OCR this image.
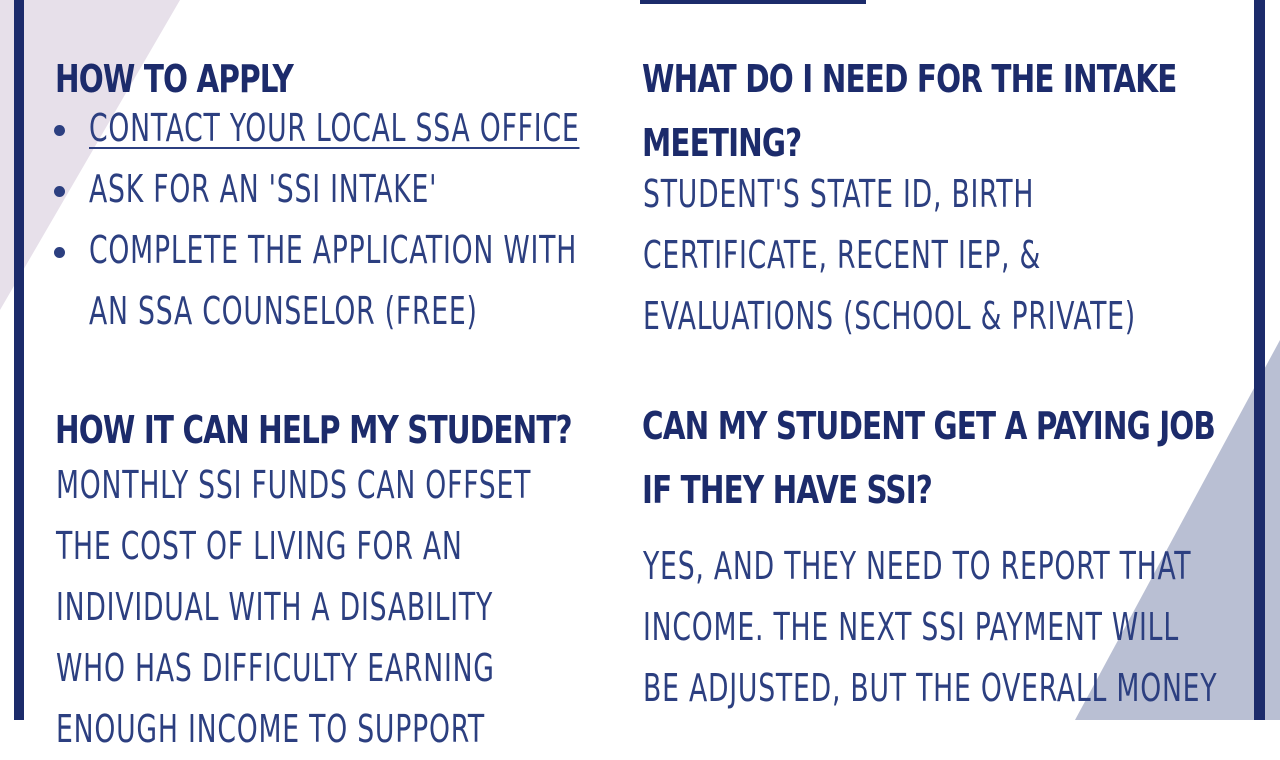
HOW TO APPLY
CONTACT YOUR LOCAL SSA OFFICE
ASK FOR AN 'SSI INTAKE'
COMPLETE THE APPLICATION WITH
AN SSA COUNSELOR (FREE)
WHAT DO I NEED FOR THE INTAKE
MEETING?

STUDENT'S STATE ID, BIRTH
CERTIFICATE, RECENT IEP, &
EVALUATIONS (SCHOOL & PRIVATE)

HOW IT CAN HELP MY STUDENT?

MONTHLY SSI FUNDS CAN OFFSET
THE COST OF LIVING FOR AN
INDIVIDUAL WITH A DISABILITY
WHO HAS DIFFICULTY EARNING
ENOUGH INCOME TO SUPPORT

CAN MY STUDENT GET A PAYING JOB
IF THEY HAVE SSI?

YES, AND THEY NEED TO REPORT THAT
INCOME. THE NEXT SSI PAYMENT WILL
BE ADJUSTED, BUT THE OVERALL MONEY
